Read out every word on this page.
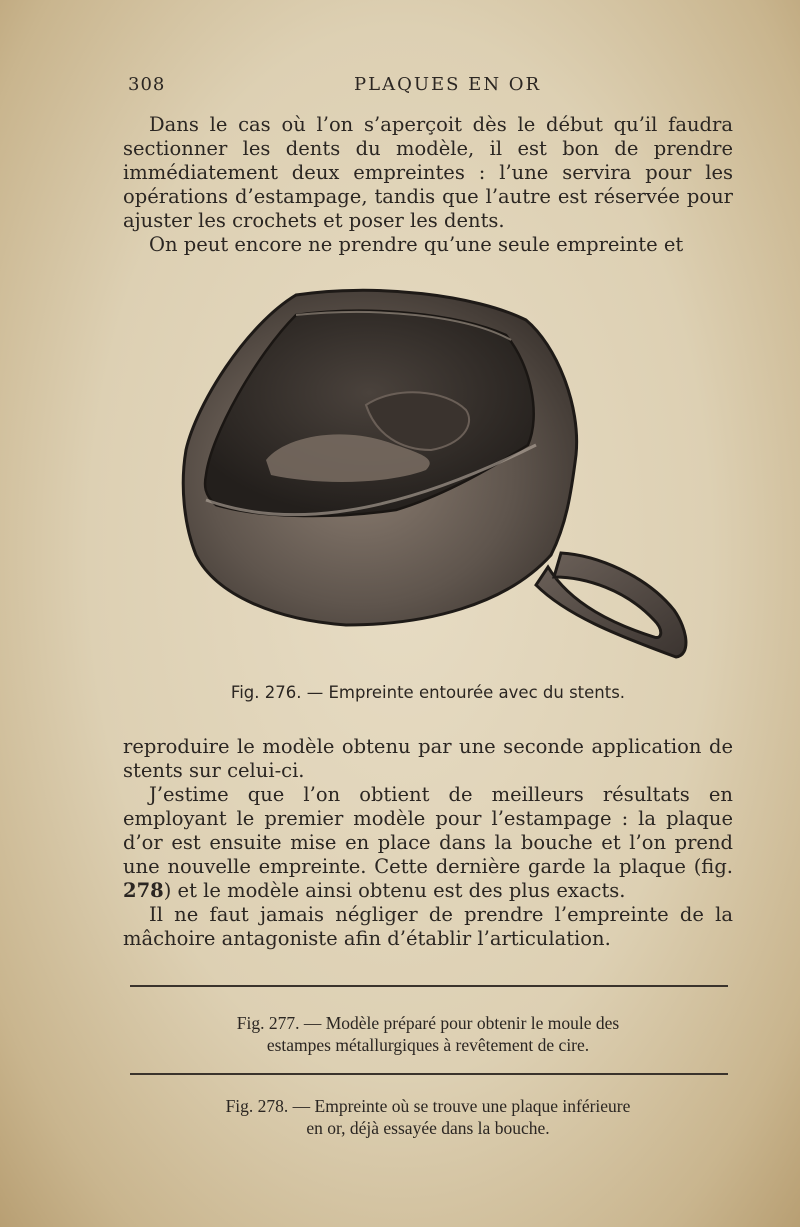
308	PLAQUES EN OR

Dans le cas où l’on s’aperçoit dès le début qu’il faudra sectionner les dents du modèle, il est bon de prendre immédiatement deux empreintes : l’une servira pour les opérations d’estampage, tandis que l’autre est réservée pour ajuster les crochets et poser les dents.

On peut encore ne prendre qu’une seule empreinte et

Fig. 276. — Empreinte entourée avec du stents.

reproduire le modèle obtenu par une seconde application de stents sur celui-ci.

J’estime que l’on obtient de meilleurs résultats en employant le premier modèle pour l’estampage : la plaque d’or est ensuite mise en place dans la bouche et l’on prend une nouvelle empreinte. Cette dernière garde la plaque (fig. 278) et le modèle ainsi obtenu est des plus exacts.

Il ne faut jamais négliger de prendre l’empreinte de la mâchoire antagoniste afin d’établir l’articulation.

Fig. 277. — Modèle préparé pour obtenir le moule des
estampes métallurgiques à revêtement de cire.
Fig. 278. — Empreinte où se trouve une plaque inférieure
en or, déjà essayée dans la bouche.
